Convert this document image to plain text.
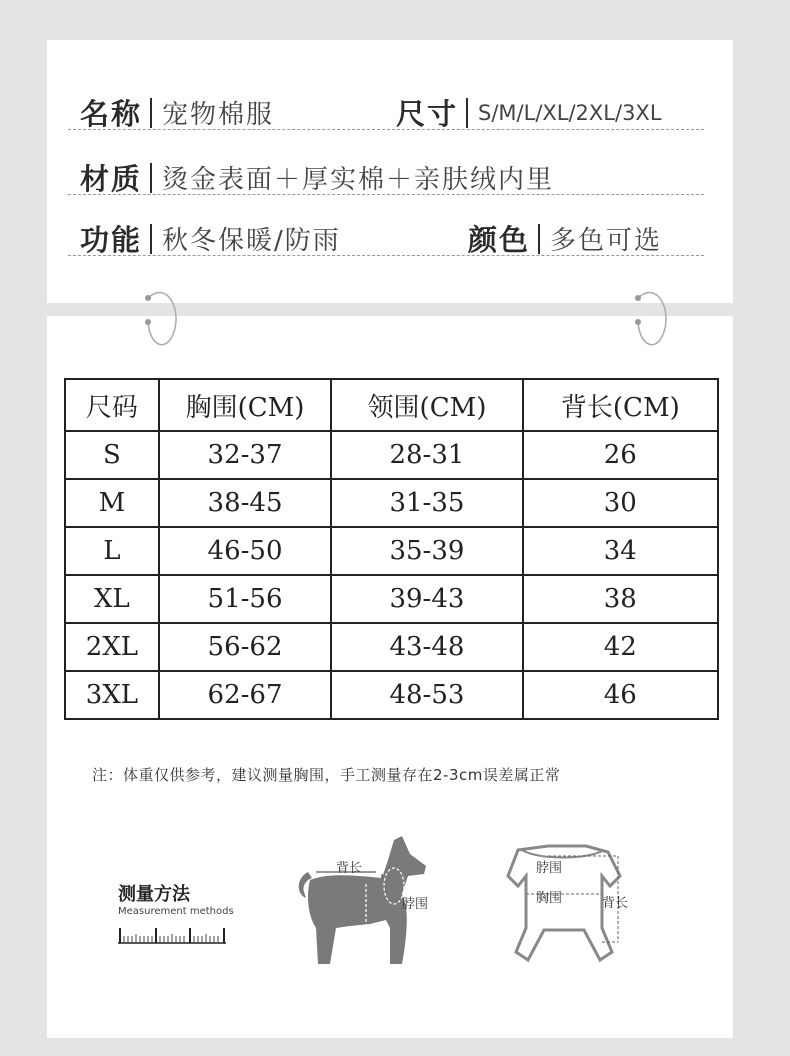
名称 宠物棉服	尺寸 S/M/L/XL/2XL/3XL
材质 烫金表面＋厚实棉＋亲肤绒内里
功能 秋冬保暖/防雨	颜色 多色可选
尺码	胸围(CM)	领围(CM)	背长(CM)
S	32-37	28-31	26
M	38-45	31-35	30
L	46-50	35-39	34
XL	51-56	39-43	38
2XL	56-62	43-48	42
3XL	62-67	48-53	46
注：体重仅供参考，建议测量胸围，手工测量存在2-3cm误差属正常
测量方法
Measurement methods
背长
脖围
胸围
脖围
胸围	背长
